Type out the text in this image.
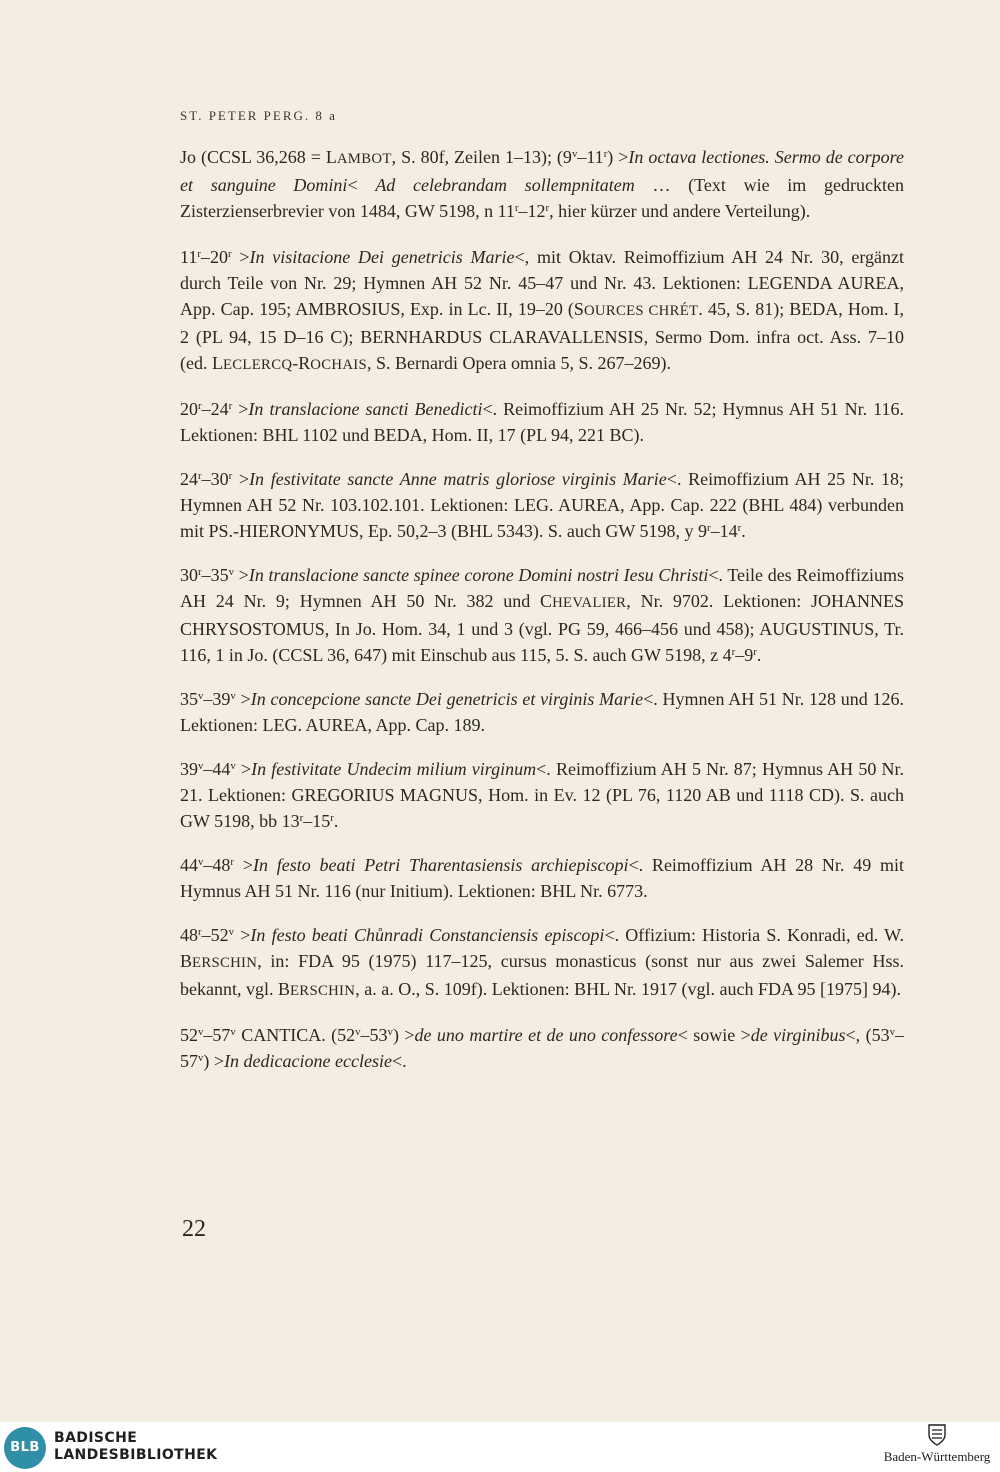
ST. PETER PERG. 8 a

Jo (CCSL 36,268 = LAMBOT, S. 80f, Zeilen 1–13); $(9^v-11^r) >In$ octava lectiones. Sermo de corpore et sanguine Domini< Ad celebrandam sollempnitatem … (Text wie im gedruckten Zisterzienserbrevier von 1484, GW 5198, n 11$^r$–12$^r$, hier kürzer und andere Verteilung).

$11^r-20^r >In$ visitacione Dei genetricis Marie<, mit Oktav. Reimoffizium AH 24 Nr. 30, ergänzt durch Teile von Nr. 29; Hymnen AH 52 Nr. 45–47 und Nr. 43. Lektionen: LEGENDA AUREA, App. Cap. 195; AMBROSIUS, Exp. in Lc. II, 19–20 (SOURCES CHRÉT. 45, S. 81); BEDA, Hom. I, 2 (PL 94, 15 D–16 C); BERNHARDUS CLARAVALLENSIS, Sermo Dom. infra oct. Ass. 7–10 (ed. LECLERCQ-ROCHAIS, S. Bernardi Opera omnia 5, S. 267–269).

$20^r-24^r >In$ translacione sancti Benedicti<. Reimoffizium AH 25 Nr. 52; Hymnus AH 51 Nr. 116. Lektionen: BHL 1102 und BEDA, Hom. II, 17 (PL 94, 221 BC).

$24^r-30^r >In$ festivitate sancte Anne matris gloriose virginis Marie<. Reimoffizium AH 25 Nr. 18; Hymnen AH 52 Nr. 103.102.101. Lektionen: LEG. AUREA, App. Cap. 222 (BHL 484) verbunden mit PS.-HIERONYMUS, Ep. 50,2–3 (BHL 5343). S. auch GW 5198, y 9$^r$–14$^r$.

$30^r-35^v >In$ translacione sancte spinee corone Domini nostri Iesu Christi<. Teile des Reimoffiziums AH 24 Nr. 9; Hymnen AH 50 Nr. 382 und CHEVALIER, Nr. 9702. Lektionen: JOHANNES CHRYSOSTOMUS, In Jo. Hom. 34, 1 und 3 (vgl. PG 59, 466–456 und 458); AUGUSTINUS, Tr. 116, 1 in Jo. (CCSL 36, 647) mit Einschub aus 115, 5. S. auch GW 5198, z 4$^r$–9$^r$.

$35^v-39^v >In$ concepcione sancte Dei genetricis et virginis Marie<. Hymnen AH 51 Nr. 128 und 126. Lektionen: LEG. AUREA, App. Cap. 189.

$39^v-44^v >In$ festivitate Undecim milium virginum<. Reimoffizium AH 5 Nr. 87; Hymnus AH 50 Nr. 21. Lektionen: GREGORIUS MAGNUS, Hom. in Ev. 12 (PL 76, 1120 AB und 1118 CD). S. auch GW 5198, bb 13$^r$–15$^r$.

$44^v-48^r >In$ festo beati Petri Tharentasiensis archiepiscopi<. Reimoffizium AH 28 Nr. 49 mit Hymnus AH 51 Nr. 116 (nur Initium). Lektionen: BHL Nr. 6773.

$48^r-52^v >In$ festo beati Chůnradi Constanciensis episcopi<. Offizium: Historia S. Konradi, ed. W. BERSCHIN, in: FDA 95 (1975) 117–125, cursus monasticus (sonst nur aus zwei Salemer Hss. bekannt, vgl. BERSCHIN, a. a. O., S. 109f). Lektionen: BHL Nr. 1917 (vgl. auch FDA 95 [1975] 94).

52$^v$–57$^v$ CANTICA. $(52^v-53^v) >de$ uno martire et de uno confessore< sowie >de virginibus<, $(53^v-57^v) >In$ dedicacione ecclesie<.

22
BLB
BADISCHE
LANDESBIBLIOTHEK	Baden-Württemberg
